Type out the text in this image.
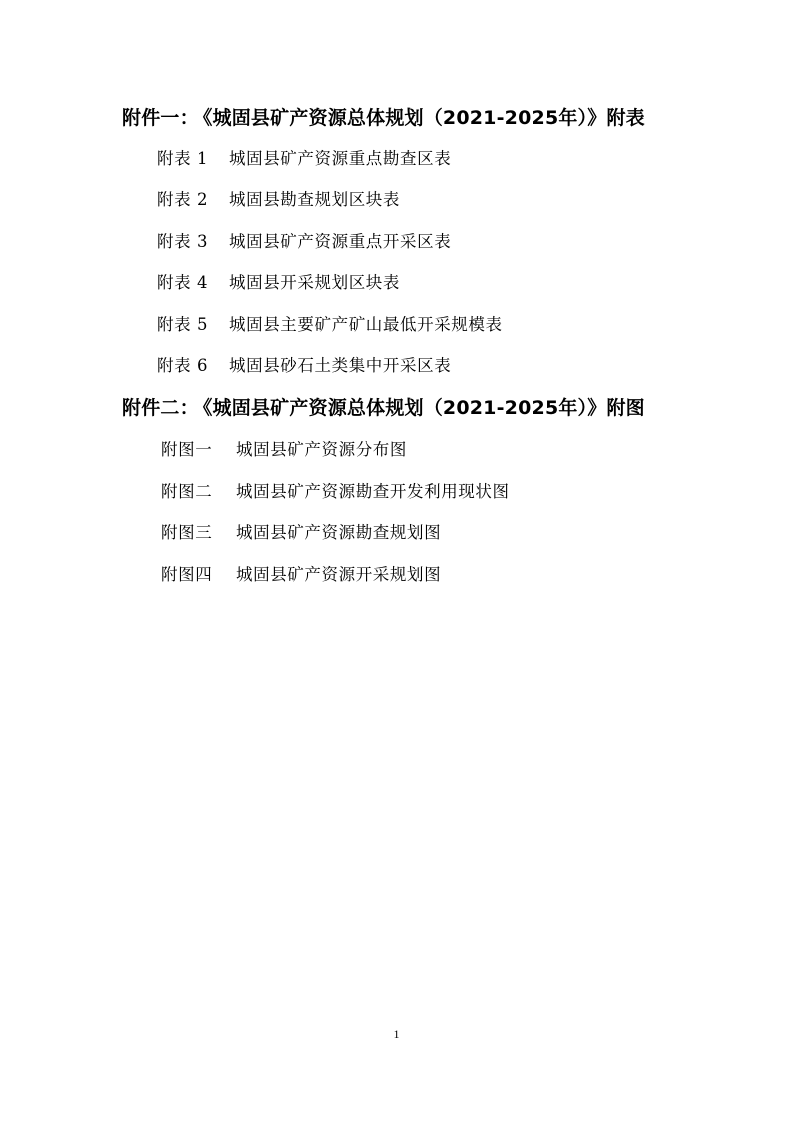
附件一： 《城固县矿产资源总体规划（2021-2025年）》附表
附表 1 城固县矿产资源重点勘查区表
附表 2 城固县勘查规划区块表
附表 3 城固县矿产资源重点开采区表
附表 4 城固县开采规划区块表
附表 5 城固县主要矿产矿山最低开采规模表
附表 6 城固县砂石土类集中开采区表
附件二： 《城固县矿产资源总体规划（2021-2025年）》附图
附图一 城固县矿产资源分布图
附图二 城固县矿产资源勘查开发利用现状图
附图三 城固县矿产资源勘查规划图
附图四 城固县矿产资源开采规划图
1
